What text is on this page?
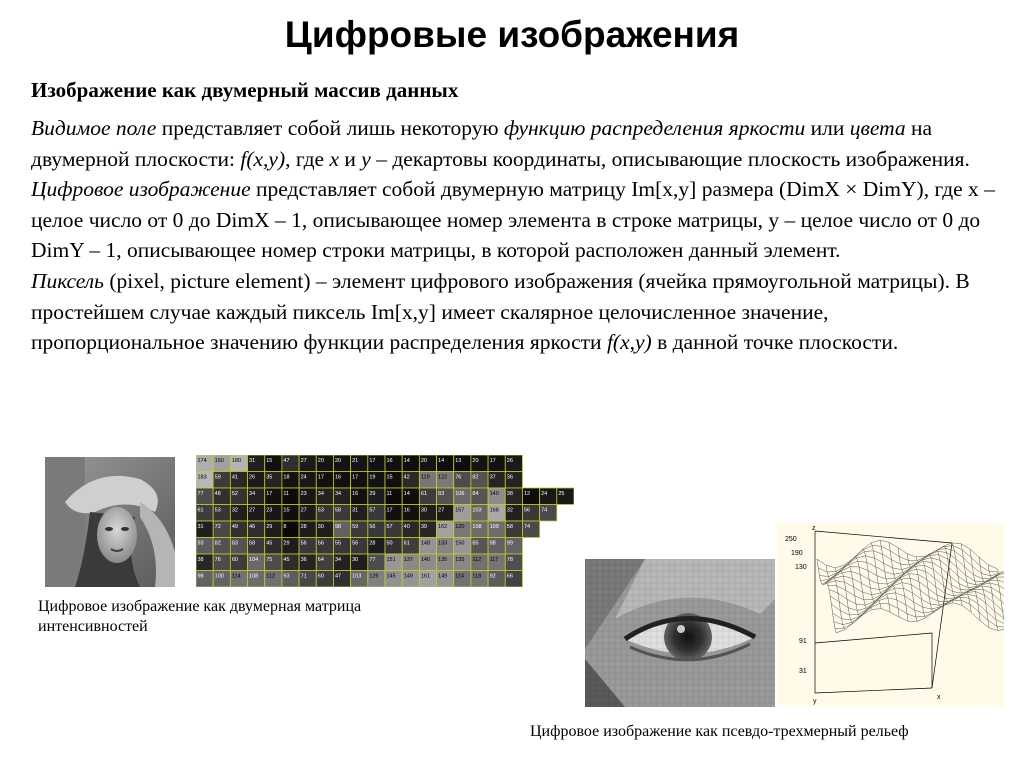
Цифровые изображения
Изображение как двумерный массив данных

Видимое поле представляет собой лишь некоторую функцию распределения яркости или цвета на двумерной плоскости: f(x,y), где x и y – декартовы координаты, описывающие плоскость изображения.

Цифровое изображение представляет собой двумерную матрицу Im[x,y] размера (DimX × DimY), где x – целое число от 0 до DimX – 1, описывающее номер элемента в строке матрицы, y – целое число от 0 до DimY – 1, описывающее номер строки матрицы, в которой расположен данный элемент.

Пиксель (pixel, picture element) – элемент цифрового изображения (ячейка прямоугольной матрицы). В простейшем случае каждый пиксель Im[x,y] имеет скалярное целочисленное значение, пропорциональное значению функции распределения яркости f(x,y) в данной точке плоскости.

174 160 180 31 15 47 27 20 20 21 17 16 14 20 14 13 20 17 26
183 59 41 26 35 18 24 17 16 17 19 15 42 119 122 76 82 37 36
77 48 52 34 17 11 23 34 34 16 29 11 14 61 83 106 84 140 38 12 24 25
61 53 32 27 23 15 27 53 58 31 57 17 16 30 27 157 103 168 32 56 74
31 72 49 46 29 8	28 30 98 59 56 57 40 39 162 120 108 109 58 74
93 82 83 58 45 29 56 56 55 56 28 50 61 148 133 150 85 98 99
38 76 60 104 75 45 36 64 34 30 77 151 137 140 135 135 112 117 78
98 100 114 108 112 93 71 60 47 103 129 145 149 161 149 114 118 92 66
Цифровое изображение как двумерная матрица интенсивностей
z
250
190
130
91
31
y
x
Цифровое изображение как псевдо-трехмерный рельеф
